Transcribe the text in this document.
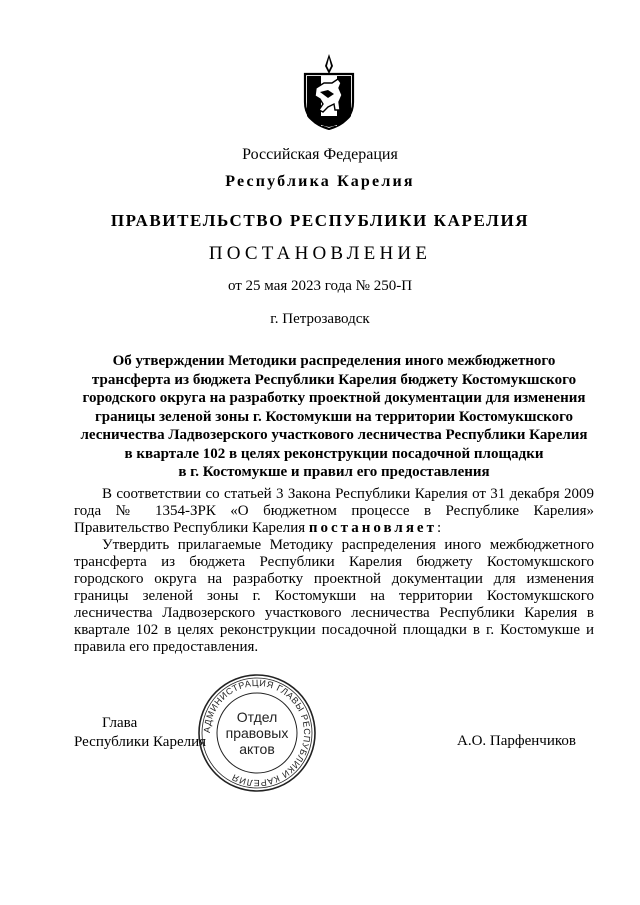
Российская Федерация
Республика Карелия
ПРАВИТЕЛЬСТВО РЕСПУБЛИКИ КАРЕЛИЯ
ПОСТАНОВЛЕНИЕ
от 25 мая 2023 года № 250-П
г. Петрозаводск
Об утверждении Методики распределения иного межбюджетного
трансферта из бюджета Республики Карелия бюджету Костомукшского
городского округа на разработку проектной документации для изменения
границы зеленой зоны г. Костомукши на территории Костомукшского
лесничества Ладвозерского участкового лесничества Республики Карелия
в квартале 102 в целях реконструкции посадочной площадки
в г. Костомукше и правил его предоставления

В соответствии со статьей 3 Закона Республики Карелия от 31 декабря 2009 года № 1354-ЗРК «О бюджетном процессе в Республике Карелия» Правительство Республики Карелия постановляет:

Утвердить прилагаемые Методику распределения иного межбюджетного трансферта из бюджета Республики Карелия бюджету Костомукшского городского округа на разработку проектной документации для изменения границы зеленой зоны г. Костомукши на территории Костомукшского лесничества Ладвозерского участкового лесничества Республики Карелия в квартале 102 в целях реконструкции посадочной площадки в г. Костомукше и правила его предоставления.

Глава
Республики Карелия	А.О. Парфенчиков
АДМИНИСТРАЦИЯ ГЛАВЫ РЕСПУБЛИКИ КАРЕЛИЯ
Отдел
правовых
актов
